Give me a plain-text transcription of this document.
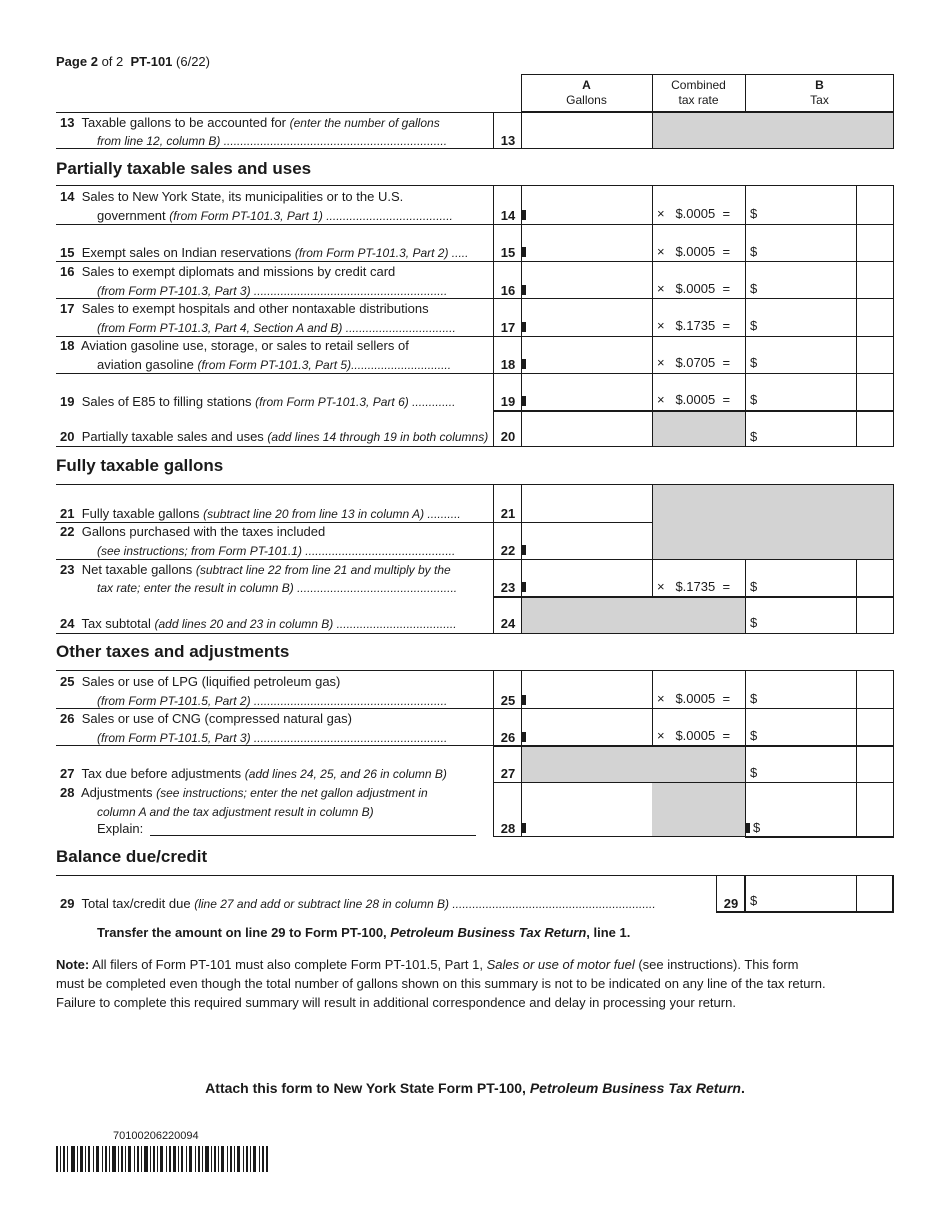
Page 2 of 2 PT-101 (6/22)
A
Gallons
Combined
tax rate
B
Tax
13 Taxable gallons to be accounted for (enter the number of gallons
from line 12, column B) ...................................................................	13
Partially taxable sales and uses
14 Sales to New York State, its municipalities or to the U.S.
government (from Form PT-101.3, Part 1) ......................................	14	× $.0005 = $
15 Exempt sales on Indian reservations (from Form PT-101.3, Part 2) .....	15	× $.0005 = $
16 Sales to exempt diplomats and missions by credit card
(from Form PT-101.3, Part 3) ..........................................................	16	× $.0005 = $
17 Sales to exempt hospitals and other nontaxable distributions
(from Form PT-101.3, Part 4, Section A and B) .................................	17	× $.1735 = $
18 Aviation gasoline use, storage, or sales to retail sellers of
aviation gasoline (from Form PT-101.3, Part 5)..............................	18	× $.0705 = $
19 Sales of E85 to filling stations (from Form PT-101.3, Part 6) .............	19	× $.0005 = $
20 Partially taxable sales and uses (add lines 14 through 19 in both columns) 20	$
Fully taxable gallons
21 Fully taxable gallons (subtract line 20 from line 13 in column A) ..........	21
22 Gallons purchased with the taxes included
(see instructions; from Form PT-101.1) .............................................	22
23 Net taxable gallons (subtract line 22 from line 21 and multiply by the
tax rate; enter the result in column B) ................................................	23	× $.1735 = $
24 Tax subtotal (add lines 20 and 23 in column B) ....................................	24	$
Other taxes and adjustments
25 Sales or use of LPG (liquified petroleum gas)
(from Form PT-101.5, Part 2) ..........................................................	25	× $.0005 = $
26 Sales or use of CNG (compressed natural gas)
(from Form PT-101.5, Part 3) ..........................................................	26	× $.0005 = $
27 Tax due before adjustments (add lines 24, 25, and 26 in column B)	27	$
28 Adjustments (see instructions; enter the net gallon adjustment in
column A and the tax adjustment result in column B)
Explain:	28	$
Balance due/credit
29 Total tax/credit due (line 27 and add or subtract line 28 in column B) .............................................................	29 $
Transfer the amount on line 29 to Form PT-100, Petroleum Business Tax Return, line 1.
Note: All filers of Form PT-101 must also complete Form PT-101.5, Part 1, Sales or use of motor fuel (see instructions). This form
must be completed even though the total number of gallons shown on this summary is not to be indicated on any line of the tax return.
Failure to complete this required summary will result in additional correspondence and delay in processing your return.
Attach this form to New York State Form PT-100, Petroleum Business Tax Return.
70100206220094
